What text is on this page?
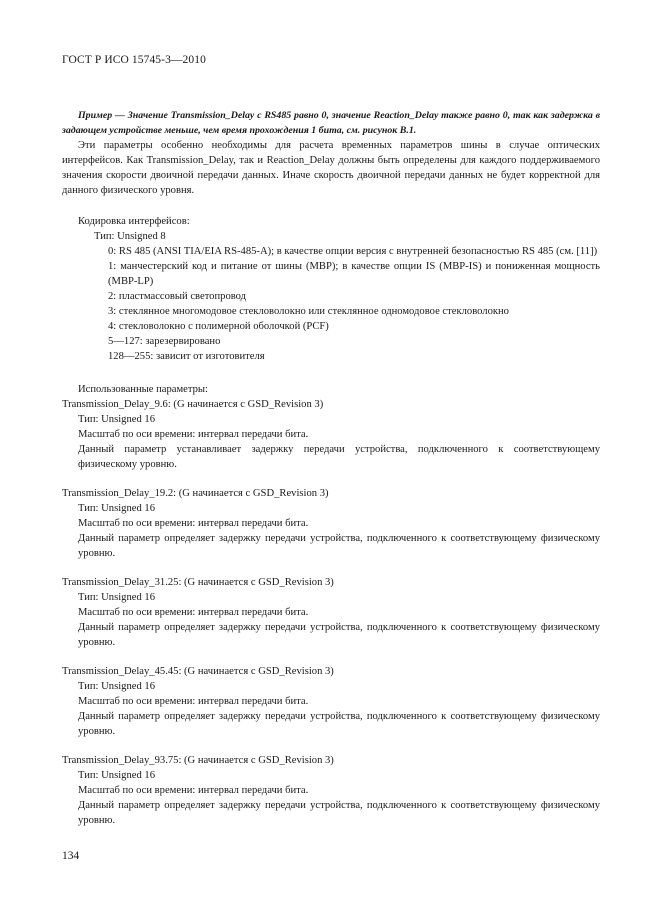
ГОСТ Р ИСО 15745-3—2010

Пример — Значение Transmission_Delay с RS485 равно 0, значение Reaction_Delay также равно 0, так как задержка в задающем устройстве меньше, чем время прохождения 1 бита, см. рисунок B.1.

Эти параметры особенно необходимы для расчета временных параметров шины в случае оптических интерфейсов. Как Transmission_Delay, так и Reaction_Delay должны быть определены для каждого поддерживаемого значения скорости двоичной передачи данных. Иначе скорость двоичной передачи данных не будет корректной для данного физического уровня.

Кодировка интерфейсов:

Тип: Unsigned 8

0: RS 485 (ANSI TIA/EIA RS-485-A); в качестве опции версия с внутренней безопасностью RS 485 (см. [11])

1: манчестерский код и питание от шины (MBP); в качестве опции IS (MBP-IS) и пониженная мощность (MBP-LP)

2: пластмассовый светопровод

3: стеклянное многомодовое стекловолокно или стеклянное одномодовое стекловолокно

4: стекловолокно с полимерной оболочкой (PCF)

5—127: зарезервировано

128—255: зависит от изготовителя

Использованные параметры:

Transmission_Delay_9.6: (G начинается с GSD_Revision 3)

Тип: Unsigned 16

Масштаб по оси времени: интервал передачи бита.

Данный параметр устанавливает задержку передачи устройства, подключенного к соответствующему физическому уровню.

Transmission_Delay_19.2: (G начинается с GSD_Revision 3)

Тип: Unsigned 16

Масштаб по оси времени: интервал передачи бита.

Данный параметр определяет задержку передачи устройства, подключенного к соответствующему физическому уровню.

Transmission_Delay_31.25: (G начинается с GSD_Revision 3)

Тип: Unsigned 16

Масштаб по оси времени: интервал передачи бита.

Данный параметр определяет задержку передачи устройства, подключенного к соответствующему физическому уровню.

Transmission_Delay_45.45: (G начинается с GSD_Revision 3)

Тип: Unsigned 16

Масштаб по оси времени: интервал передачи бита.

Данный параметр определяет задержку передачи устройства, подключенного к соответствующему физическому уровню.

Transmission_Delay_93.75: (G начинается с GSD_Revision 3)

Тип: Unsigned 16

Масштаб по оси времени: интервал передачи бита.

Данный параметр определяет задержку передачи устройства, подключенного к соответствующему физическому уровню.

134
